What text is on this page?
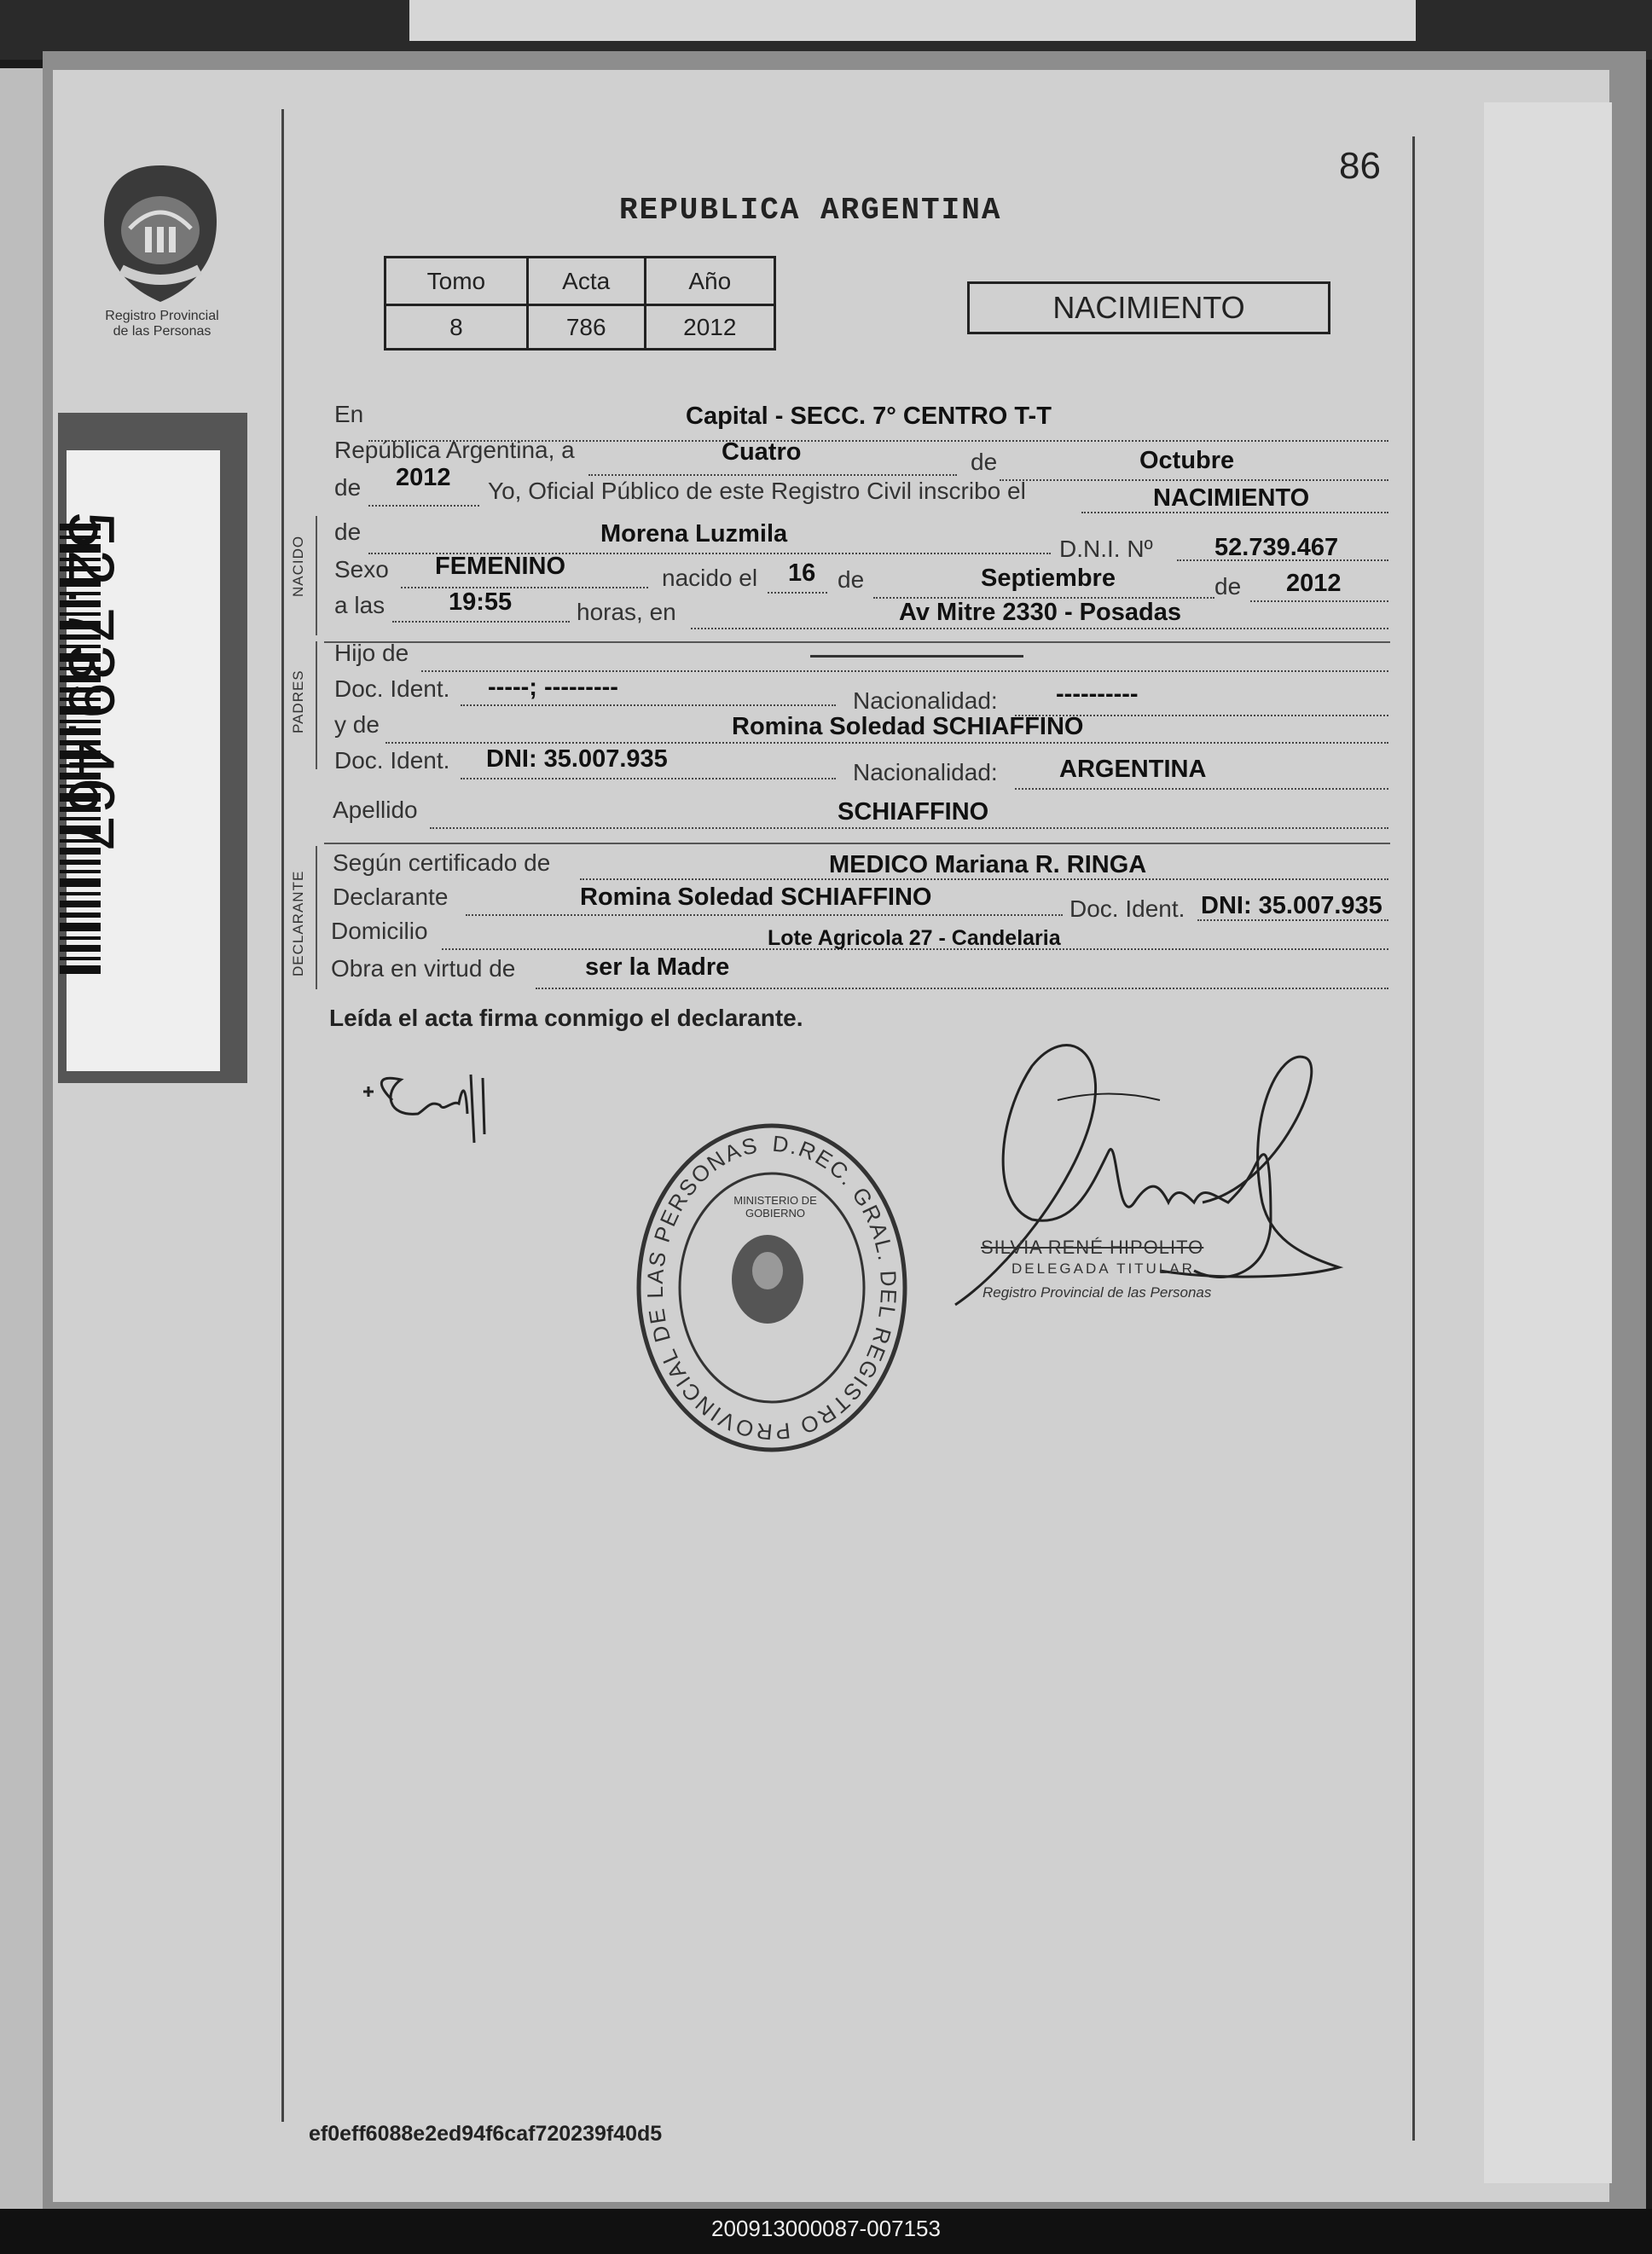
Registro Provincial
de las Personas
52.739.467
86
REPUBLICA ARGENTINA
Tomo	Acta	Año
8	786	2012
NACIMIENTO
NACIDO
PADRES
DECLARANTE
En	Capital - SECC. 7° CENTRO T-T
República Argentina, a	Cuatro	de	Octubre
de 2012 Yo, Oficial Público de este Registro Civil inscribo el	NACIMIENTO
de	Morena Luzmila
D.N.I. Nº 52.739.467
Sexo FEMENINO	nacido el 16 de	Septiembre	de 2012
a las	19:55	horas, en	Av Mitre 2330 - Posadas
Hijo de
Doc. Ident. -----; ---------	Nacionalidad: ----------
y de	Romina Soledad SCHIAFFINO
Doc. Ident. DNI: 35.007.935	Nacionalidad: ARGENTINA
Apellido	SCHIAFFINO
Según certificado de	MEDICO Mariana R. RINGA
Declarante	Romina Soledad SCHIAFFINO	Doc. Ident. DNI: 35.007.935
Domicilio	Lote Agricola 27 - Candelaria
Obra en virtud de	ser la Madre
Leída el acta firma conmigo el declarante.
D.REC. GRAL. DEL REGISTRO PROVINCIAL DE LAS PERSONAS
MINISTERIO DE GOBIERNO
SILVIA RENÉ HIPOLITO
DELEGADA TITULAR
Registro Provincial de las Personas
ef0eff6088e2ed94f6caf720239f40d5
200913000087-007153
